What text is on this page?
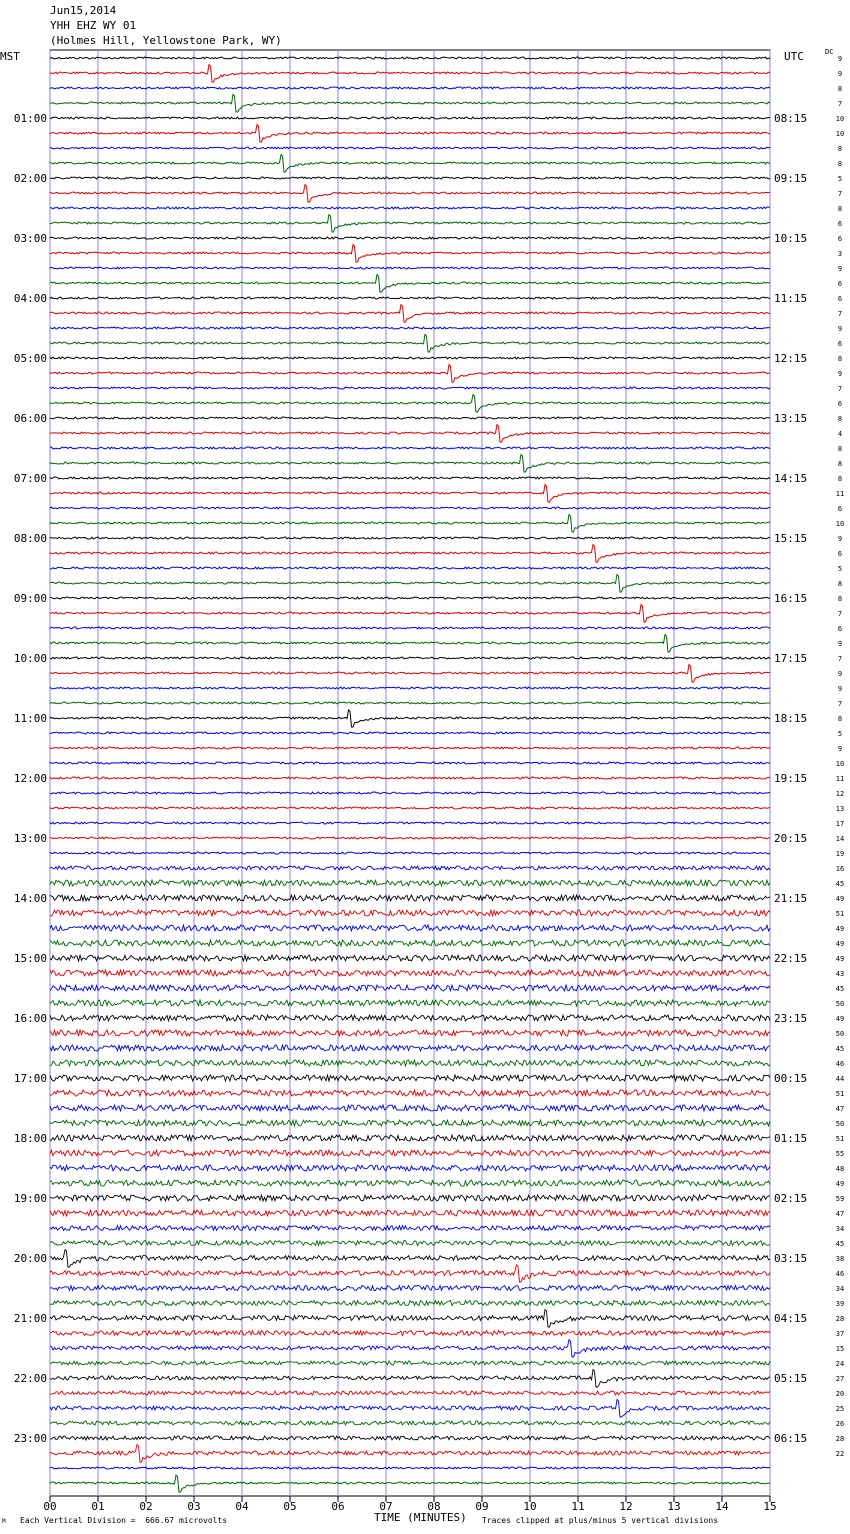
Jun15,2014
YHH EHZ WY 01
(Holmes Hill, Yellowstone Park, WY)
MST	UTC	DC
00	01	02	03	04	05	06	07	08	09	10	11	12	13	14	15
9
9
8
7
10
01:00	08:15
10
8
8
5
02:00	09:15
7
8
6
6
03:00	10:15
3
9
6
6
04:00	11:15
7
9
6
8
05:00	12:15
9
7
6
8
06:00	13:15
4
8
8
8
07:00	14:15
11
6
10
9
08:00	15:15
6
5
8
8
09:00	16:15
7
6
9
7
10:00	17:15
9
9
7
8
11:00	18:15
5
9
10
11
12:00	19:15
12
13
17
14
13:00	20:15
19
16
45
49
14:00	21:15
51
49
49
49
15:00	22:15
43
45
50
49
16:00	23:15
50
45
46
44
17:00	00:15
51
47
50
51
18:00	01:15
55
48
49
59
19:00	02:15
47
34
45
38
20:00	03:15
46
34
39
28
21:00	04:15
37
15
24
27
22:00	05:15
20
25
26
28
23:00	06:15
22
TIME (MINUTES)
Each Vertical Division =  666.67 microvolts	Traces clipped at plus/minus 5 vertical divisions
M
